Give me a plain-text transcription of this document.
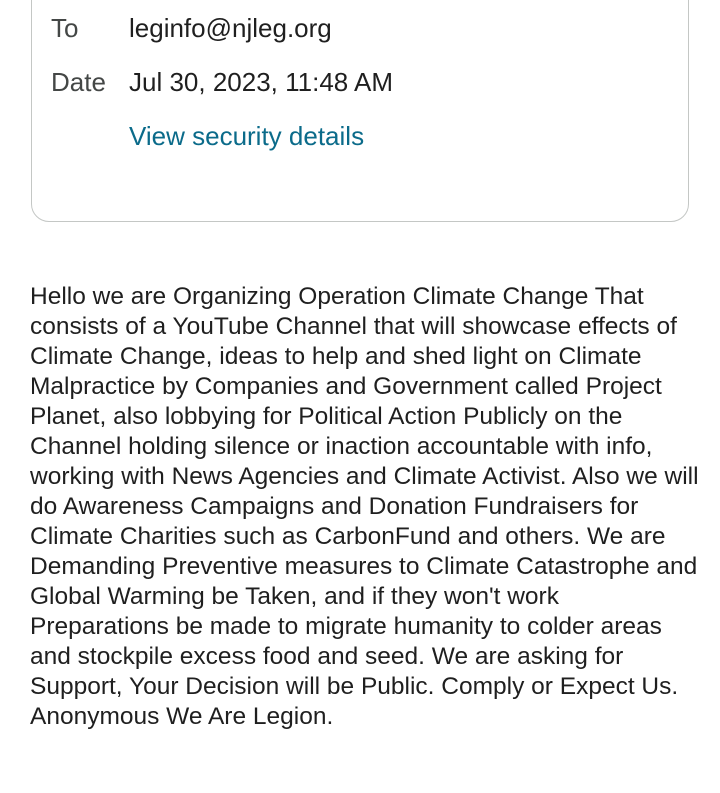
To leginfo@njleg.org
Date Jul 30, 2023, 11:48 AM
View security details

Hello we are Organizing Operation Climate Change That consists of a YouTube Channel that will showcase effects of Climate Change, ideas to help and shed light on Climate Malpractice by Companies and Government called Project Planet, also lobbying for Political Action Publicly on the Channel holding silence or inaction accountable with info, working with News Agencies and Climate Activist. Also we will do Awareness Campaigns and Donation Fundraisers for Climate Charities such as CarbonFund and others. We are Demanding Preventive measures to Climate Catastrophe and Global Warming be Taken, and if they won't work Preparations be made to migrate humanity to colder areas and stockpile excess food and seed. We are asking for Support, Your Decision will be Public. Comply or Expect Us.

Anonymous We Are Legion.
